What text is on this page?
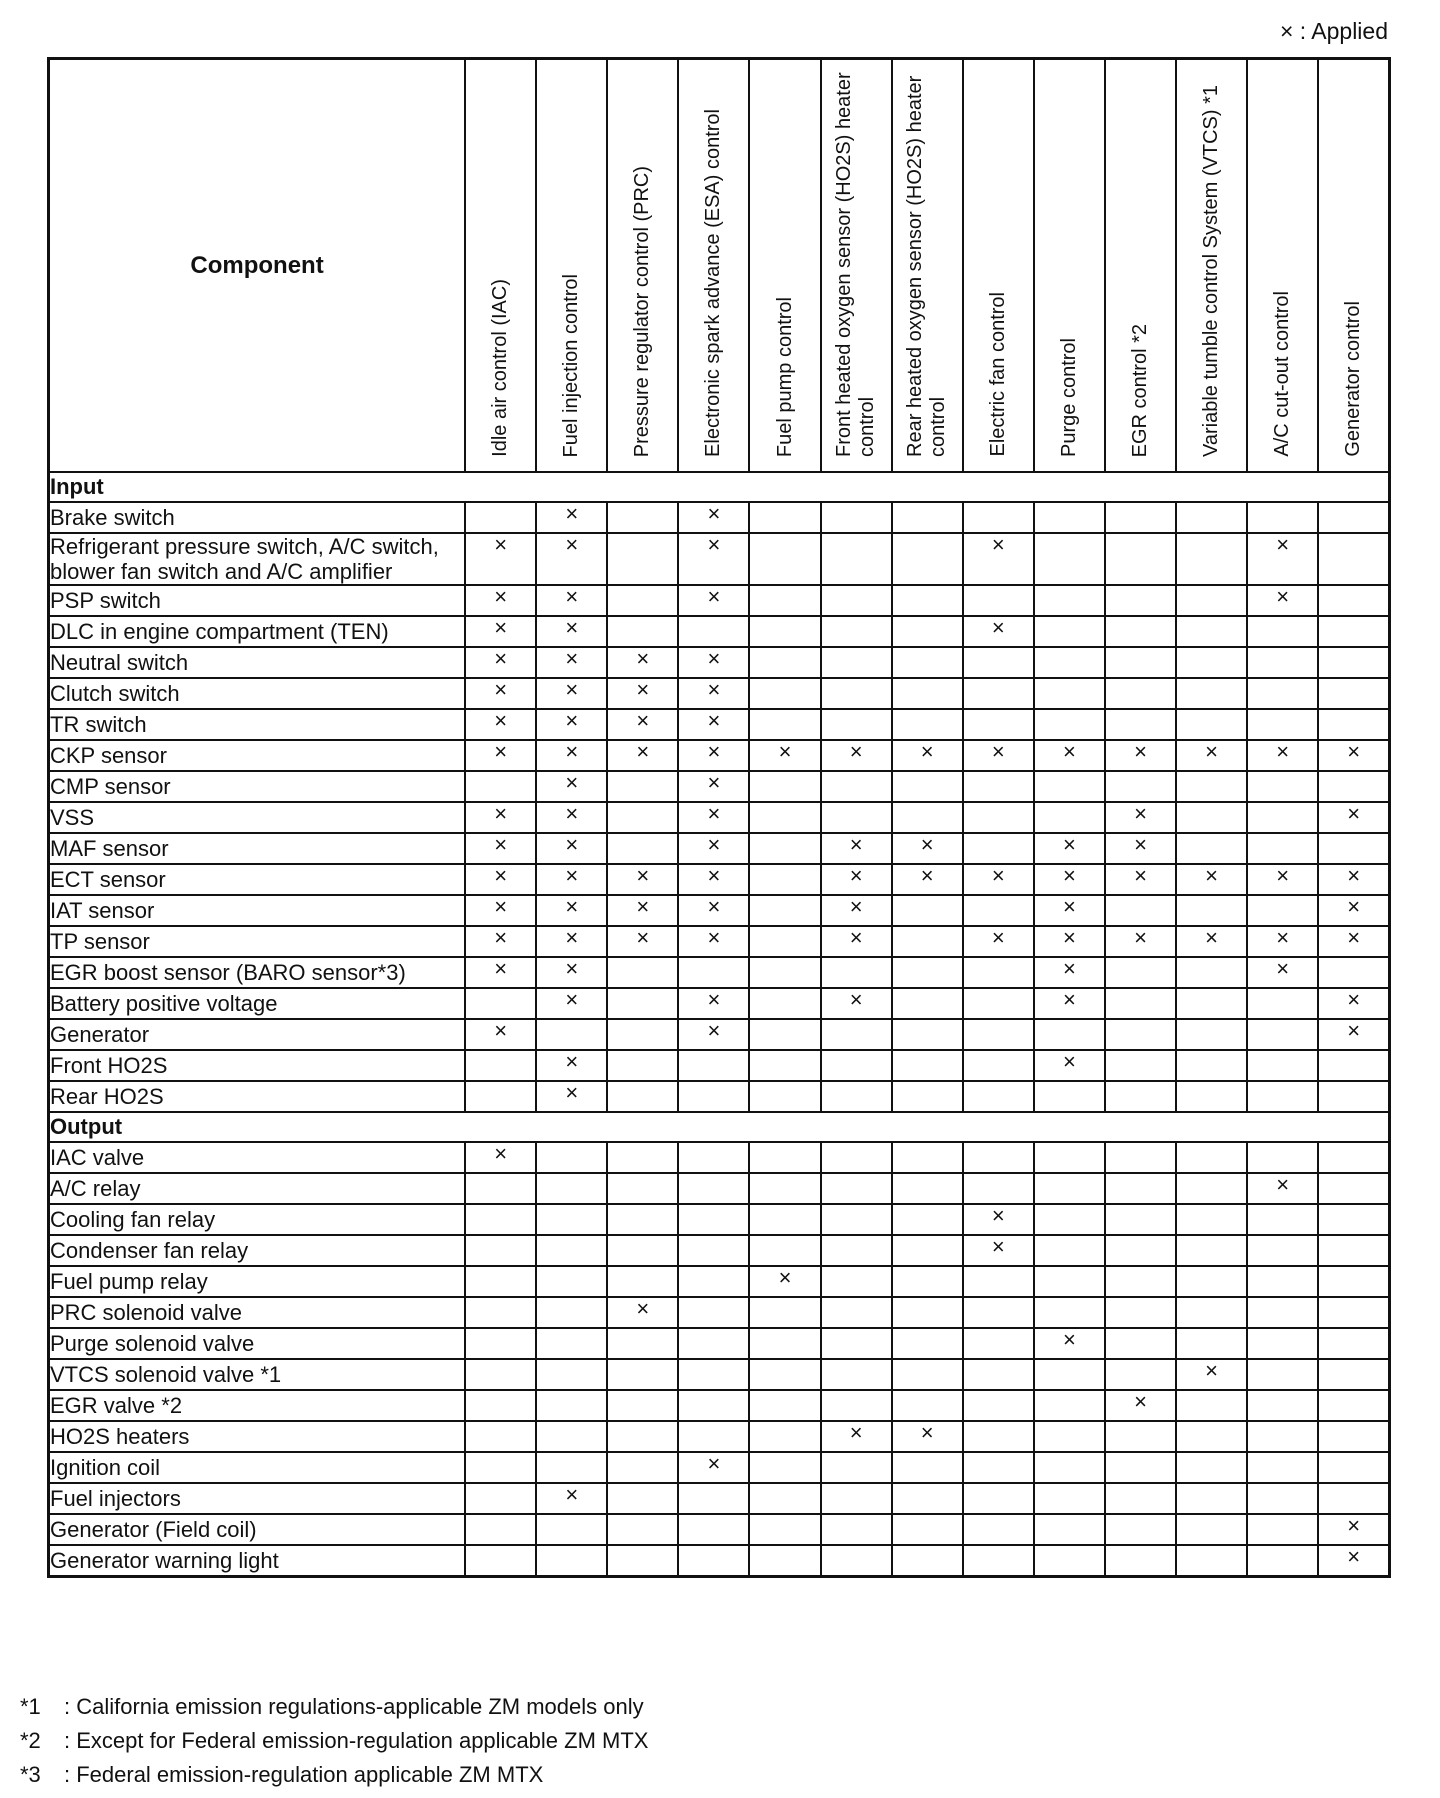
× : Applied
Component	Idle air control (IAC)	Fuel injection control	Pressure regulator control (PRC)	Electronic spark advance (ESA) control	Fuel pump control	Front heated oxygen sensor (HO2S) heater control	Rear heated oxygen sensor (HO2S) heater control	Electric fan control	Purge control	EGR control *2	Variable tumble control System (VTCS) *1	A/C cut-out control	Generator control

Input													
Brake switch		×		×									
Refrigerant pressure switch, A/C switch, blower fan switch and A/C amplifier	×	×		×				×				×	
PSP switch	×	×		×								×	
DLC in engine compartment (TEN)	×	×						×					
Neutral switch	×	×	×	×									
Clutch switch	×	×	×	×									
TR switch	×	×	×	×									
CKP sensor	×	×	×	×	×	×	×	×	×	×	×	×	×
CMP sensor		×		×									
VSS	×	×		×						×			×
MAF sensor	×	×		×		×	×		×	×			
ECT sensor	×	×	×	×		×	×	×	×	×	×	×	×
IAT sensor	×	×	×	×		×			×				×
TP sensor	×	×	×	×		×		×	×	×	×	×	×
EGR boost sensor (BARO sensor*3)	×	×							×			×	
Battery positive voltage		×		×		×			×				×
Generator	×			×									×
Front HO2S		×							×				
Rear HO2S		×											
Output													
IAC valve	×												
A/C relay												×	
Cooling fan relay								×					
Condenser fan relay								×					
Fuel pump relay					×								
PRC solenoid valve			×										
Purge solenoid valve									×				
VTCS solenoid valve *1											×		
EGR valve *2										×			
HO2S heaters						×	×						
Ignition coil				×									
Fuel injectors		×											
Generator (Field coil)													×
Generator warning light													×
*1 : California emission regulations-applicable ZM models only
*2 : Except for Federal emission-regulation applicable ZM MTX
*3 : Federal emission-regulation applicable ZM MTX
